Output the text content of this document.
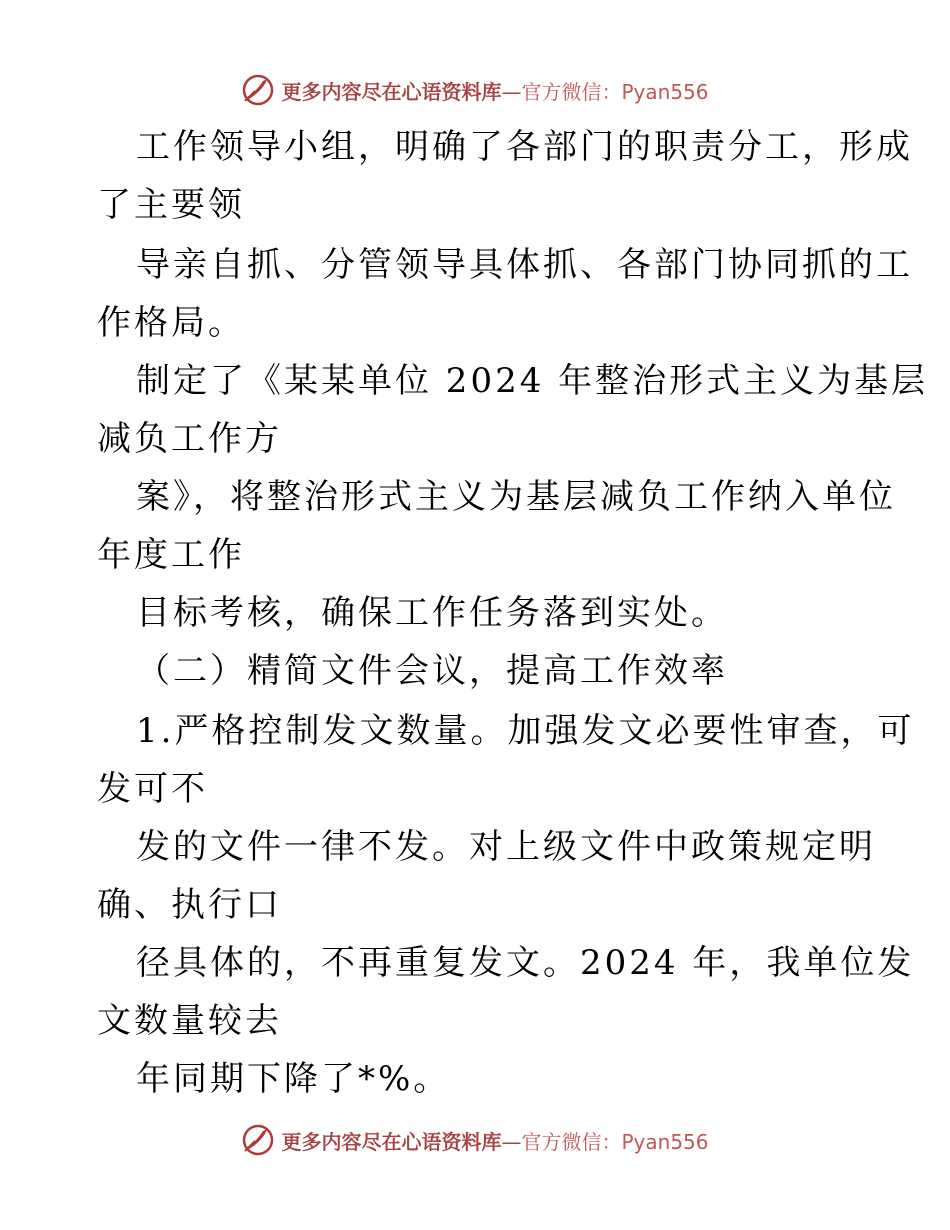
更多内容尽在心语资料库—官方微信：Pyan556
工作领导小组，明确了各部门的职责分工，形成
了主要领
导亲自抓、分管领导具体抓、各部门协同抓的工
作格局。
制定了《某某单位 2024 年整治形式主义为基层
减负工作方
案》，将整治形式主义为基层减负工作纳入单位
年度工作
目标考核，确保工作任务落到实处。
（二）精简文件会议，提高工作效率
1.严格控制发文数量。加强发文必要性审查，可
发可不
发的文件一律不发。对上级文件中政策规定明
确、执行口
径具体的，不再重复发文。2024 年，我单位发
文数量较去
年同期下降了*%。
更多内容尽在心语资料库—官方微信：Pyan556
